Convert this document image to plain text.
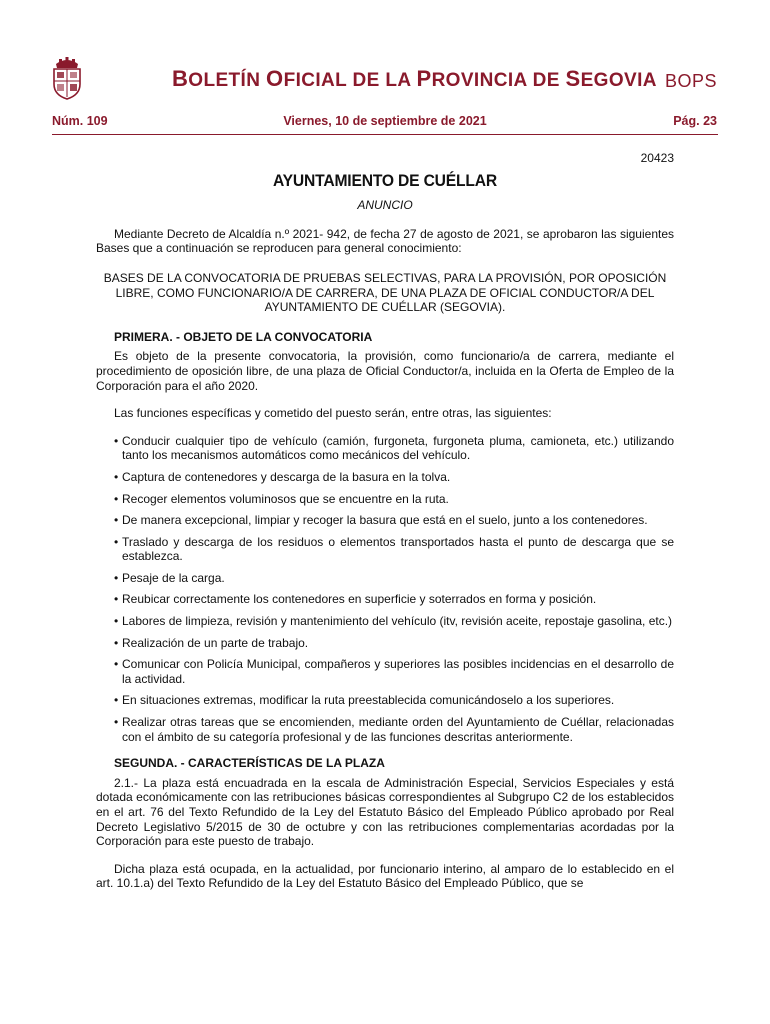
BOLETÍN OFICIAL DE LA PROVINCIA DE SEGOVIA BOPS
Núm. 109	Viernes, 10 de septiembre de 2021	Pág. 23

20423

AYUNTAMIENTO DE CUÉLLAR

ANUNCIO

Mediante Decreto de Alcaldía n.º 2021- 942, de fecha 27 de agosto de 2021, se aprobaron las siguientes Bases que a continuación se reproducen para general conocimiento:

BASES DE LA CONVOCATORIA DE PRUEBAS SELECTIVAS, PARA LA PROVISIÓN, POR OPOSICIÓN LIBRE, COMO FUNCIONARIO/A DE CARRERA, DE UNA PLAZA DE OFICIAL CONDUCTOR/A DEL AYUNTAMIENTO DE CUÉLLAR (SEGOVIA).

PRIMERA. - OBJETO DE LA CONVOCATORIA

Es objeto de la presente convocatoria, la provisión, como funcionario/a de carrera, mediante el procedimiento de oposición libre, de una plaza de Oficial Conductor/a, incluida en la Oferta de Empleo de la Corporación para el año 2020.

Las funciones específicas y cometido del puesto serán, entre otras, las siguientes:

• Conducir cualquier tipo de vehículo (camión, furgoneta, furgoneta pluma, camioneta, etc.) utilizando tanto los mecanismos automáticos como mecánicos del vehículo.
• Captura de contenedores y descarga de la basura en la tolva.
• Recoger elementos voluminosos que se encuentre en la ruta.
• De manera excepcional, limpiar y recoger la basura que está en el suelo, junto a los contenedores.
• Traslado y descarga de los residuos o elementos transportados hasta el punto de descarga que se establezca.
• Pesaje de la carga.
• Reubicar correctamente los contenedores en superficie y soterrados en forma y posición.
• Labores de limpieza, revisión y mantenimiento del vehículo (itv, revisión aceite, repostaje gasolina, etc.)
• Realización de un parte de trabajo.
• Comunicar con Policía Municipal, compañeros y superiores las posibles incidencias en el desarrollo de la actividad.
• En situaciones extremas, modificar la ruta preestablecida comunicándoselo a los superiores.
• Realizar otras tareas que se encomienden, mediante orden del Ayuntamiento de Cuéllar, relacionadas con el ámbito de su categoría profesional y de las funciones descritas anteriormente.

SEGUNDA. - CARACTERÍSTICAS DE LA PLAZA

2.1.- La plaza está encuadrada en la escala de Administración Especial, Servicios Especiales y está dotada económicamente con las retribuciones básicas correspondientes al Subgrupo C2 de los establecidos en el art. 76 del Texto Refundido de la Ley del Estatuto Básico del Empleado Público aprobado por Real Decreto Legislativo 5/2015 de 30 de octubre y con las retribuciones complementarias acordadas por la Corporación para este puesto de trabajo.

Dicha plaza está ocupada, en la actualidad, por funcionario interino, al amparo de lo establecido en el art. 10.1.a) del Texto Refundido de la Ley del Estatuto Básico del Empleado Público, que se
